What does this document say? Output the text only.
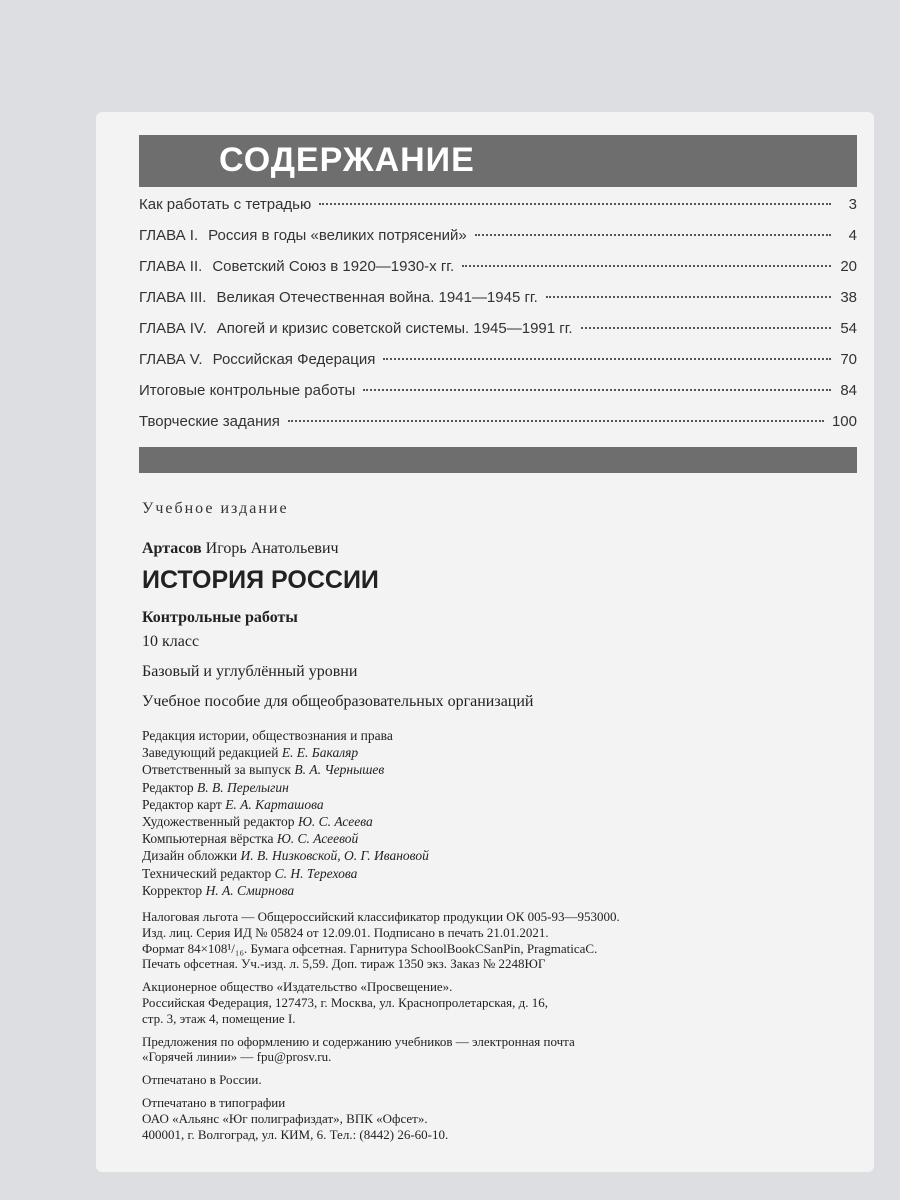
СОДЕРЖАНИЕ
Как работать с тетрадью	3
ГЛАВА I. Россия в годы «великих потрясений»	4
ГЛАВА II. Советский Союз в 1920—1930-х гг.	20
ГЛАВА III. Великая Отечественная война. 1941—1945 гг.	38
ГЛАВА IV. Апогей и кризис советской системы. 1945—1991 гг.	54
ГЛАВА V. Российская Федерация	70
Итоговые контрольные работы	84
Творческие задания	100

Учебное издание

Артасов Игорь Анатольевич

ИСТОРИЯ РОССИИ

Контрольные работы

10 класс

Базовый и углублённый уровни

Учебное пособие для общеобразовательных организаций

Редакция истории, обществознания и права
Заведующий редакцией Е. Е. Бакаляр
Ответственный за выпуск В. А. Чернышев
Редактор В. В. Перелыгин
Редактор карт Е. А. Карташова
Художественный редактор Ю. С. Асеева
Компьютерная вёрстка Ю. С. Асеевой
Дизайн обложки И. В. Низковской, О. Г. Ивановой
Технический редактор С. Н. Терехова
Корректор Н. А. Смирнова
Налоговая льгота — Общероссийский классификатор продукции ОК 005-93—953000.
Изд. лиц. Серия ИД № 05824 от 12.09.01. Подписано в печать 21.01.2021.
Формат 84×108¹/₁₆. Бумага офсетная. Гарнитура SchoolBookCSanPin, PragmaticaC.
Печать офсетная. Уч.-изд. л. 5,59. Доп. тираж 1350 экз. Заказ № 2248ЮГ
Акционерное общество «Издательство «Просвещение».
Российская Федерация, 127473, г. Москва, ул. Краснопролетарская, д. 16,
стр. 3, этаж 4, помещение I.
Предложения по оформлению и содержанию учебников — электронная почта
«Горячей линии» — fpu@prosv.ru.
Отпечатано в России.
Отпечатано в типографии
ОАО «Альянс «Юг полиграфиздат», ВПК «Офсет».
400001, г. Волгоград, ул. КИМ, 6. Тел.: (8442) 26-60-10.
